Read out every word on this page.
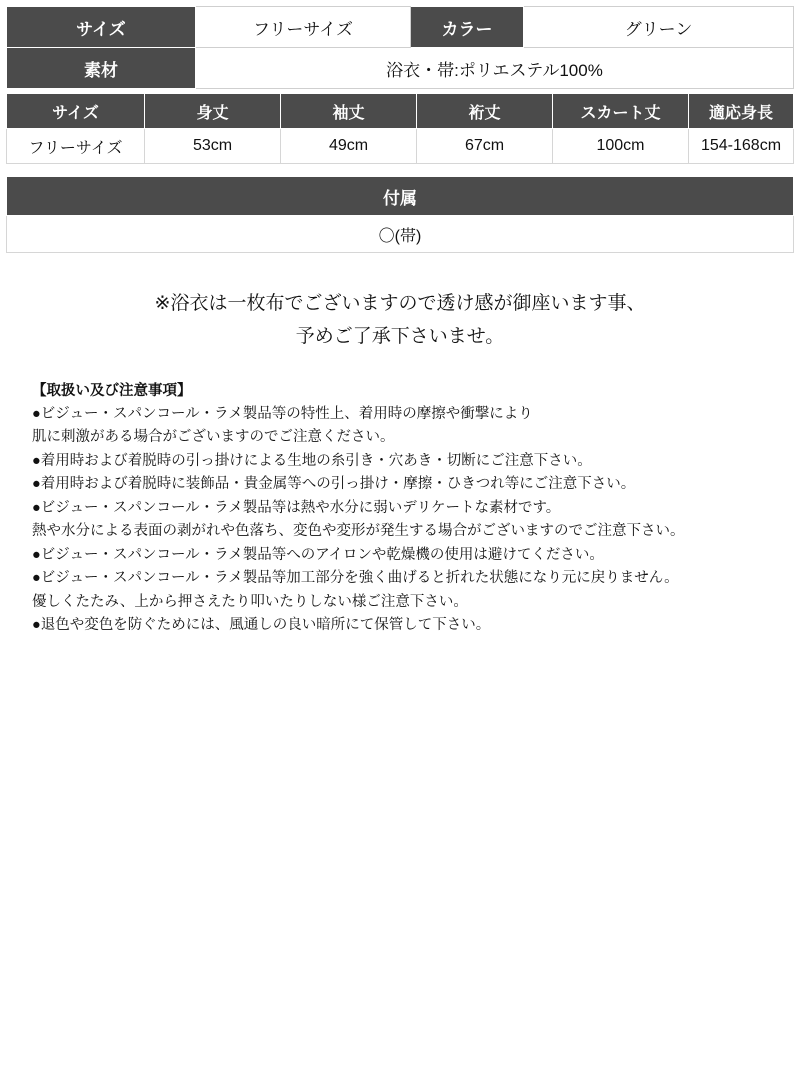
サイズ	フリーサイズ	カラー	グリーン
素材	浴衣・帯:ポリエステル100%		
サイズ	身丈	袖丈	裄丈	スカート丈	適応身長
フリーサイズ	53cm	49cm	67cm	100cm	154-168cm
付属
〇(帯)
※浴衣は一枚布でございますので透け感が御座います事、
予めご了承下さいませ。

【取扱い及び注意事項】

●ビジュー・スパンコール・ラメ製品等の特性上、着用時の摩擦や衝撃により

肌に刺激がある場合がございますのでご注意ください。

●着用時および着脱時の引っ掛けによる生地の糸引き・穴あき・切断にご注意下さい。

●着用時および着脱時に装飾品・貴金属等への引っ掛け・摩擦・ひきつれ等にご注意下さい。

●ビジュー・スパンコール・ラメ製品等は熱や水分に弱いデリケートな素材です。

熱や水分による表面の剥がれや色落ち、変色や変形が発生する場合がございますのでご注意下さい。

●ビジュー・スパンコール・ラメ製品等へのアイロンや乾燥機の使用は避けてください。

●ビジュー・スパンコール・ラメ製品等加工部分を強く曲げると折れた状態になり元に戻りません。

優しくたたみ、上から押さえたり叩いたりしない様ご注意下さい。

●退色や変色を防ぐためには、風通しの良い暗所にて保管して下さい。
